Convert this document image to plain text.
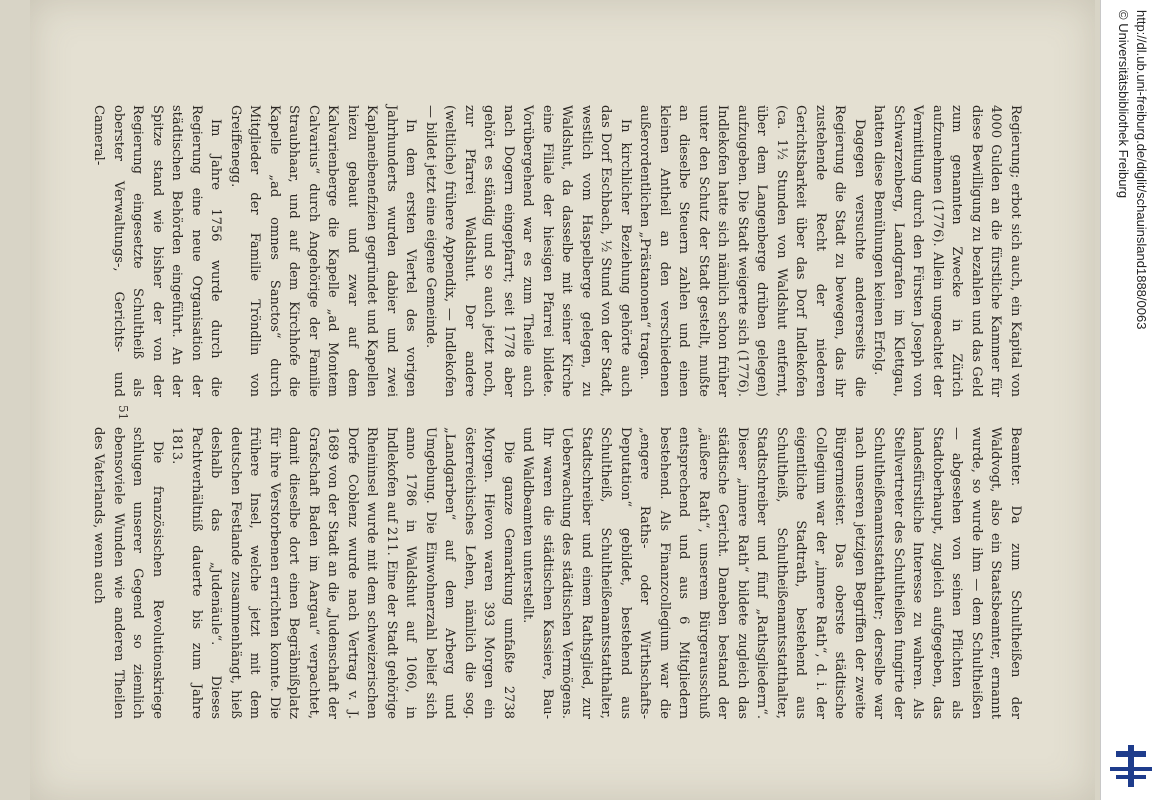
Regierung; erbot sich auch, ein Kapital von 4000 Gulden an die fürstliche Kammer für diese Bewilligung zu bezahlen und das Geld zum genannten Zwecke in Zürich aufzunehmen (1776). Allein ungeachtet der Vermittlung durch den Fürsten Joseph von Schwarzenberg, Landgrafen im Klettgau, hatten diese Bemühungen keinen Erfolg.

Dagegen versuchte andererseits die Regierung die Stadt zu bewegen, das ihr zustehende Recht der niederen Gerichtsbarkeit über das Dorf Indlekofen (ca. 1½ Stunden von Waldshut entfernt, über dem Langenberge drüben gelegen) aufzugeben. Die Stadt weigerte sich (1776). Indlekofen hatte sich nämlich schon früher unter den Schutz der Stadt gestellt, mußte an dieselbe Steuern zahlen und einen kleinen Antheil an den verschiedenen außerordentlichen „Prästanonen“ tragen.

In kirchlicher Beziehung gehörte auch das Dorf Eschbach, ½ Stund von der Stadt, westlich vom Haspelberge gelegen, zu Waldshut, da dasselbe mit seiner Kirche eine Filiale der hiesigen Pfarrei bildete. Vorübergehend war es zum Theile auch nach Dogern eingepfarrt; seit 1778 aber gehört es ständig und so auch jetzt noch, zur Pfarrei Waldshut. Der andere (weltliche) frühere Appendix, — Indlekofen — bildet jetzt eine eigene Gemeinde.

In dem ersten Viertel des vorigen Jahrhunderts wurden dabier und zwei Kaplaneibenefizien gegründet und Kapellen hiezu gebaut und zwar auf dem Kalvarienberge die Kapelle „ad Montem Calvarius“ durch Angehörige der Familie Straubhaar, und auf dem Kirchhofe die Kapelle „ad omnes Sanctos“ durch Mitglieder der Familie Tröndlin von Greiffenegg.

Im Jahre 1756 wurde durch die Regierung eine neue Organisation der städtischen Behörden eingeführt. An der Spitze stand wie bisher der von der Regierung eingesetzte Schultheiß als oberster Verwaltungs-, Gerichts- und Cameral-

Beamter. Da zum Schultheißen der Waldvogt, also ein Staatsbeamter, ernannt wurde, so wurde ihm — dem Schultheißen — abgesehen von seinen Pflichten als Stadtoberhaupt, zugleich aufgegeben, das landesfürstliche Interesse zu wahren. Als Stellvertreter des Schultheißen fungirte der Schultheißenamtsstatthalter; derselbe war nach unseren jetzigen Begriffen der zweite Bürgermeister. Das oberste städtische Collegium war der „innere Rath“, d. i. der eigentliche Stadtrath, bestehend aus Schultheiß, Schultheißenamtsstatthalter, Stadtschreiber und fünf „Rathsgliedern“. Dieser „innere Rath“ bildete zugleich das städtische Gericht. Daneben bestand der „äußere Rath“, unserem Bürgerausschuß entsprechend und aus 6 Mitgliedern bestehend. Als Finanzcollegium war die „engere Raths- oder Wirthschafts-Deputation“ gebildet, bestehend aus Schultheiß, Schultheißenamtsstatthalter, Stadtschreiber und einem Rathsglied, zur Ueberwachung des städtischen Vermögens. Ihr waren die städtischen Kassiere, Bau- und Waldbeamten unterstellt.

Die ganze Gemarkung umfaßte 2738 Morgen. Hievon waren 393 Morgen ein österreichisches Lehen, nämlich die sog. „Landgarben“ auf dem Arberg und Umgebung. Die Einwohnerzahl belief sich anno 1786 in Waldshut auf 1060, in Indlekofen auf 211. Eine der Stadt gehörige Rheininsel wurde mit dem schweizerischen Dorfe Coblenz wurde nach Vertrag v. J. 1689 von der Stadt an die „Judenschaft der Grafschaft Baden im Aargau“ verpachtet, damit dieselbe dort einen Begräbnißplatz für ihre Verstorbenen errichten konnte. Die frühere Insel, welche jetzt mit dem deutschen Festlande zusammenhängt, hieß deshalb das „Judenäule“. Dieses Pachtverhältniß dauerte bis zum Jahre 1813.

Die französischen Revolutionskriege schlugen unserer Gegend so ziemlich ebensoviele Wunden wie anderen Theilen des Vaterlands, wenn auch

51
http://dl.ub.uni-freiburg.de/diglit/schauinsland1888/0063
© Universitätsbibliothek Freiburg
